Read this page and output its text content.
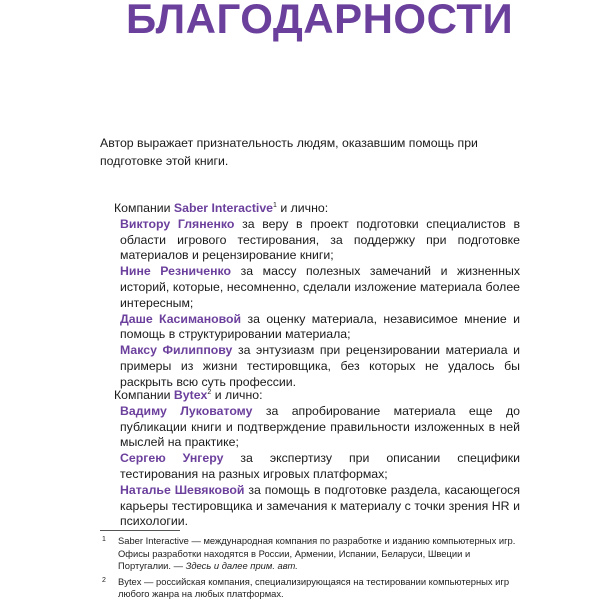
БЛАГОДАРНОСТИ

Автор выражает признательность людям, оказавшим помощь при подготовке этой книги.

Компании Saber Interactive$^1$ и лично:

Виктору Гляненко за веру в проект подготовки специалистов в области игрового тестирования, за поддержку при подготовке материалов и рецензирование книги;
Нине Резниченко за массу полезных замечаний и жизненных историй, которые, несомненно, сделали изложение материала более интересным;
Даше Касимановой за оценку материала, независимое мнение и помощь в структурировании материала;
Максу Филиппову за энтузиазм при рецензировании материала и примеры из жизни тестировщика, без которых не удалось бы раскрыть всю суть профессии.

Компании Bytex$^2$ и лично:

Вадиму Луковатому за апробирование материала еще до публикации книги и подтверждение правильности изложенных в ней мыслей на практике;
Сергею Унгеру за экспертизу при описании специфики тестирования на разных игровых платформах;
Наталье Шевяковой за помощь в подготовке раздела, касающегося карьеры тестировщика и замечания к материалу с точки зрения HR и психологии.

1 Saber Interactive — международная компания по разработке и изданию компьютерных игр. Офисы разработки находятся в России, Армении, Испании, Беларуси, Швеции и Португалии. — Здесь и далее прим. авт.

2 Bytex — российская компания, специализирующаяся на тестировании компьютерных игр любого жанра на любых платформах.
